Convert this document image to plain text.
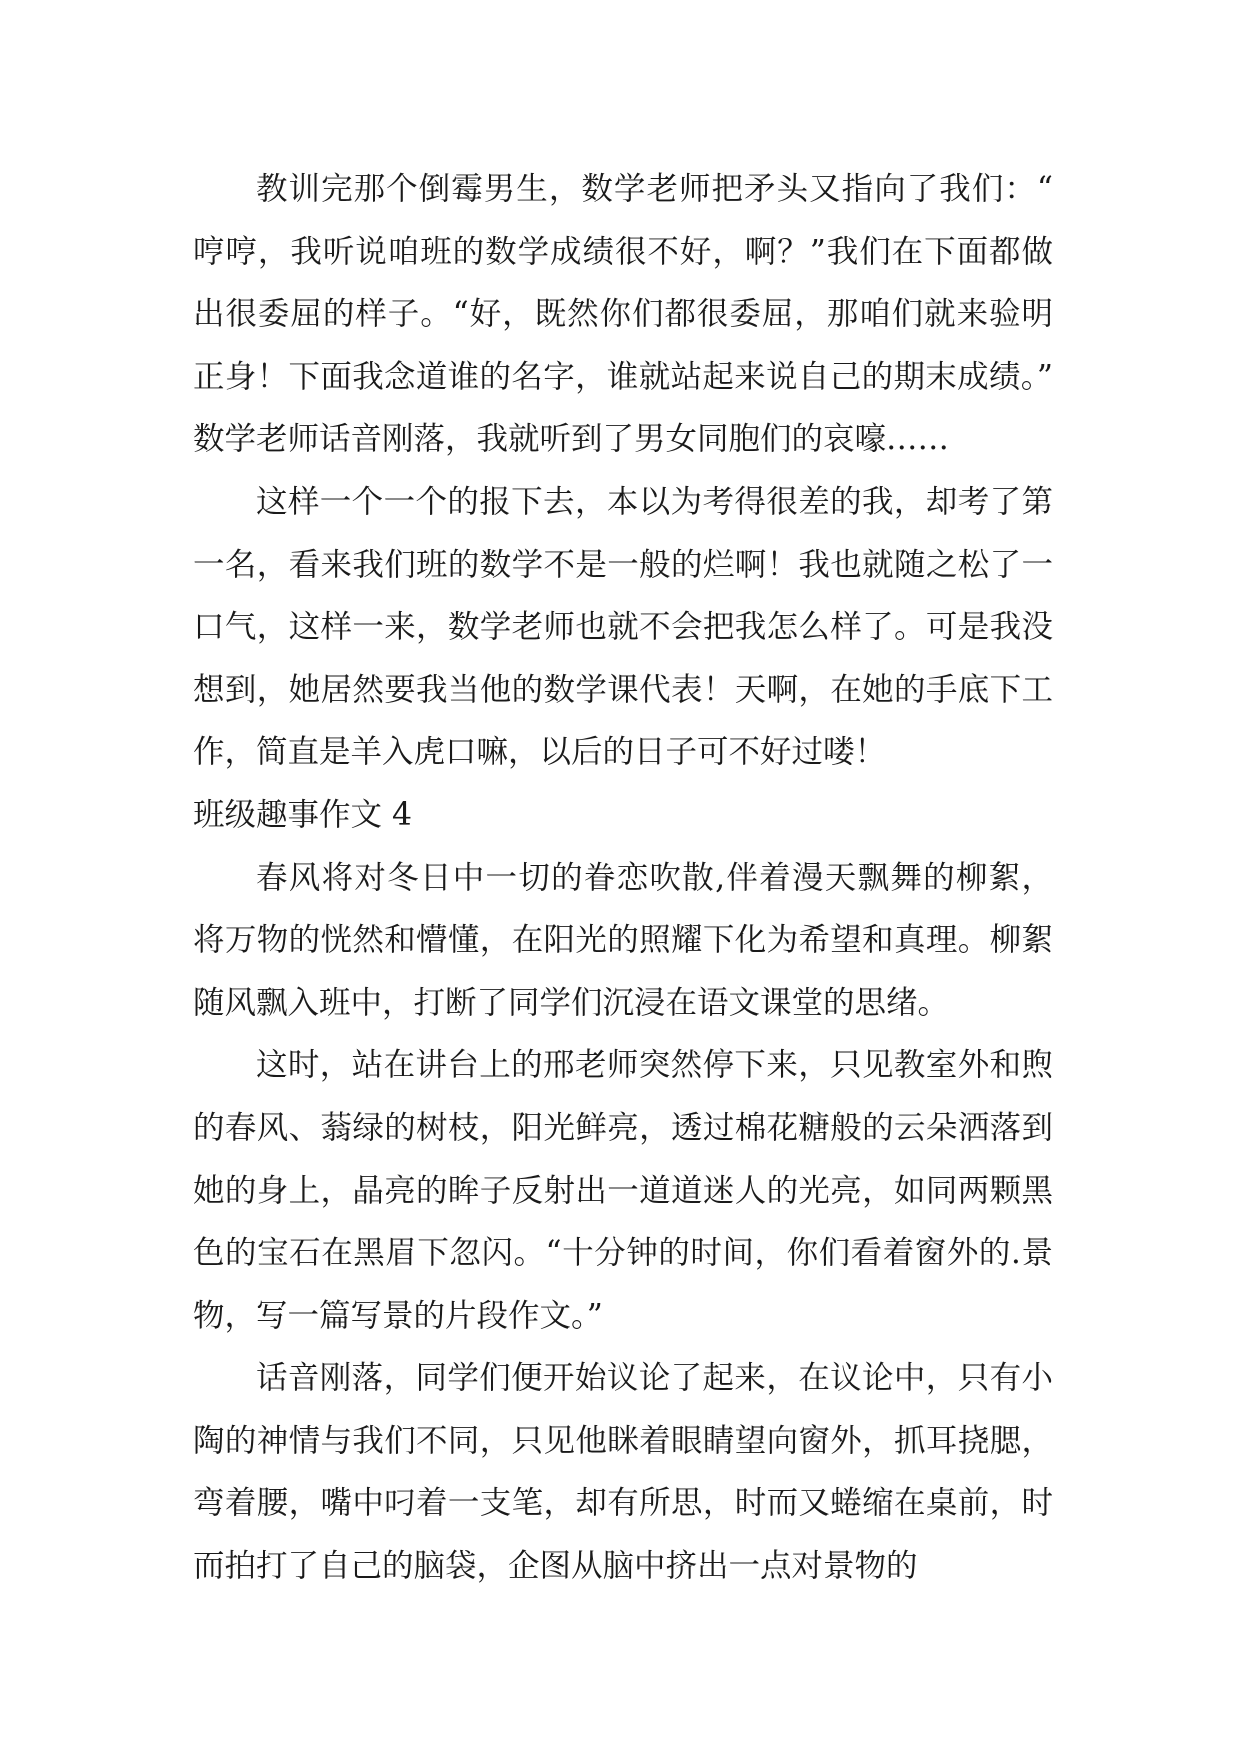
教训完那个倒霉男生，数学老师把矛头又指向了我们：“哼哼，我听说咱班的数学成绩很不好，啊？”我们在下面都做出很委屈的样子。“好，既然你们都很委屈，那咱们就来验明正身！下面我念道谁的名字，谁就站起来说自己的期末成绩。”数学老师话音刚落，我就听到了男女同胞们的哀嚎……

这样一个一个的报下去，本以为考得很差的我，却考了第一名，看来我们班的数学不是一般的烂啊！我也就随之松了一口气，这样一来，数学老师也就不会把我怎么样了。可是我没想到，她居然要我当他的数学课代表！天啊，在她的手底下工作，简直是羊入虎口嘛，以后的日子可不好过喽！

班级趣事作文 4

春风将对冬日中一切的眷恋吹散,伴着漫天飘舞的柳絮，将万物的恍然和懵懂，在阳光的照耀下化为希望和真理。柳絮随风飘入班中，打断了同学们沉浸在语文课堂的思绪。

这时，站在讲台上的邢老师突然停下来，只见教室外和煦的春风、蓊绿的树枝，阳光鲜亮，透过棉花糖般的云朵洒落到她的身上，晶亮的眸子反射出一道道迷人的光亮，如同两颗黑色的宝石在黑眉下忽闪。“十分钟的时间，你们看着窗外的.景物，写一篇写景的片段作文。”

话音刚落，同学们便开始议论了起来，在议论中，只有小陶的神情与我们不同，只见他眯着眼睛望向窗外，抓耳挠腮，弯着腰，嘴中叼着一支笔，却有所思，时而又蜷缩在桌前，时而拍打了自己的脑袋，企图从脑中挤出一点对景物的
